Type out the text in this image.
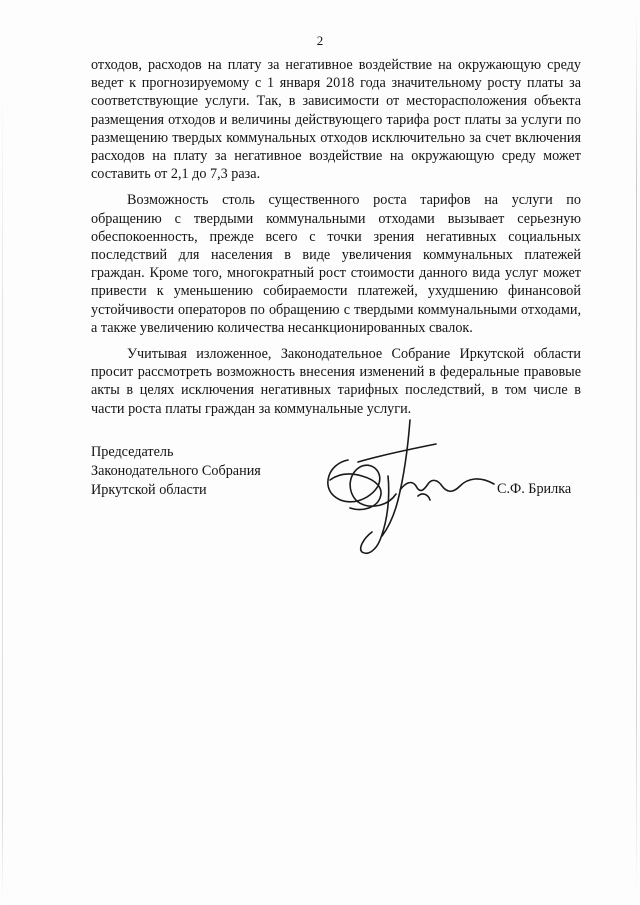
2

отходов, расходов на плату за негативное воздействие на окружающую среду ведет к прогнозируемому с 1 января 2018 года значительному росту платы за соответствующие услуги. Так, в зависимости от месторасположения объекта размещения отходов и величины действующего тарифа рост платы за услуги по размещению твердых коммунальных отходов исключительно за счет включения расходов на плату за негативное воздействие на окружающую среду может составить от 2,1 до 7,3 раза.

Возможность столь существенного роста тарифов на услуги по обращению с твердыми коммунальными отходами вызывает серьезную обеспокоенность, прежде всего с точки зрения негативных социальных последствий для населения в виде увеличения коммунальных платежей граждан. Кроме того, многократный рост стоимости данного вида услуг может привести к уменьшению собираемости платежей, ухудшению финансовой устойчивости операторов по обращению с твердыми коммунальными отходами, а также увеличению количества несанкционированных свалок.

Учитывая изложенное, Законодательное Собрание Иркутской области просит рассмотреть возможность внесения изменений в федеральные правовые акты в целях исключения негативных тарифных последствий, в том числе в части роста платы граждан за коммунальные услуги.

Председатель
Законодательного Собрания
Иркутской области	С.Ф. Брилка
